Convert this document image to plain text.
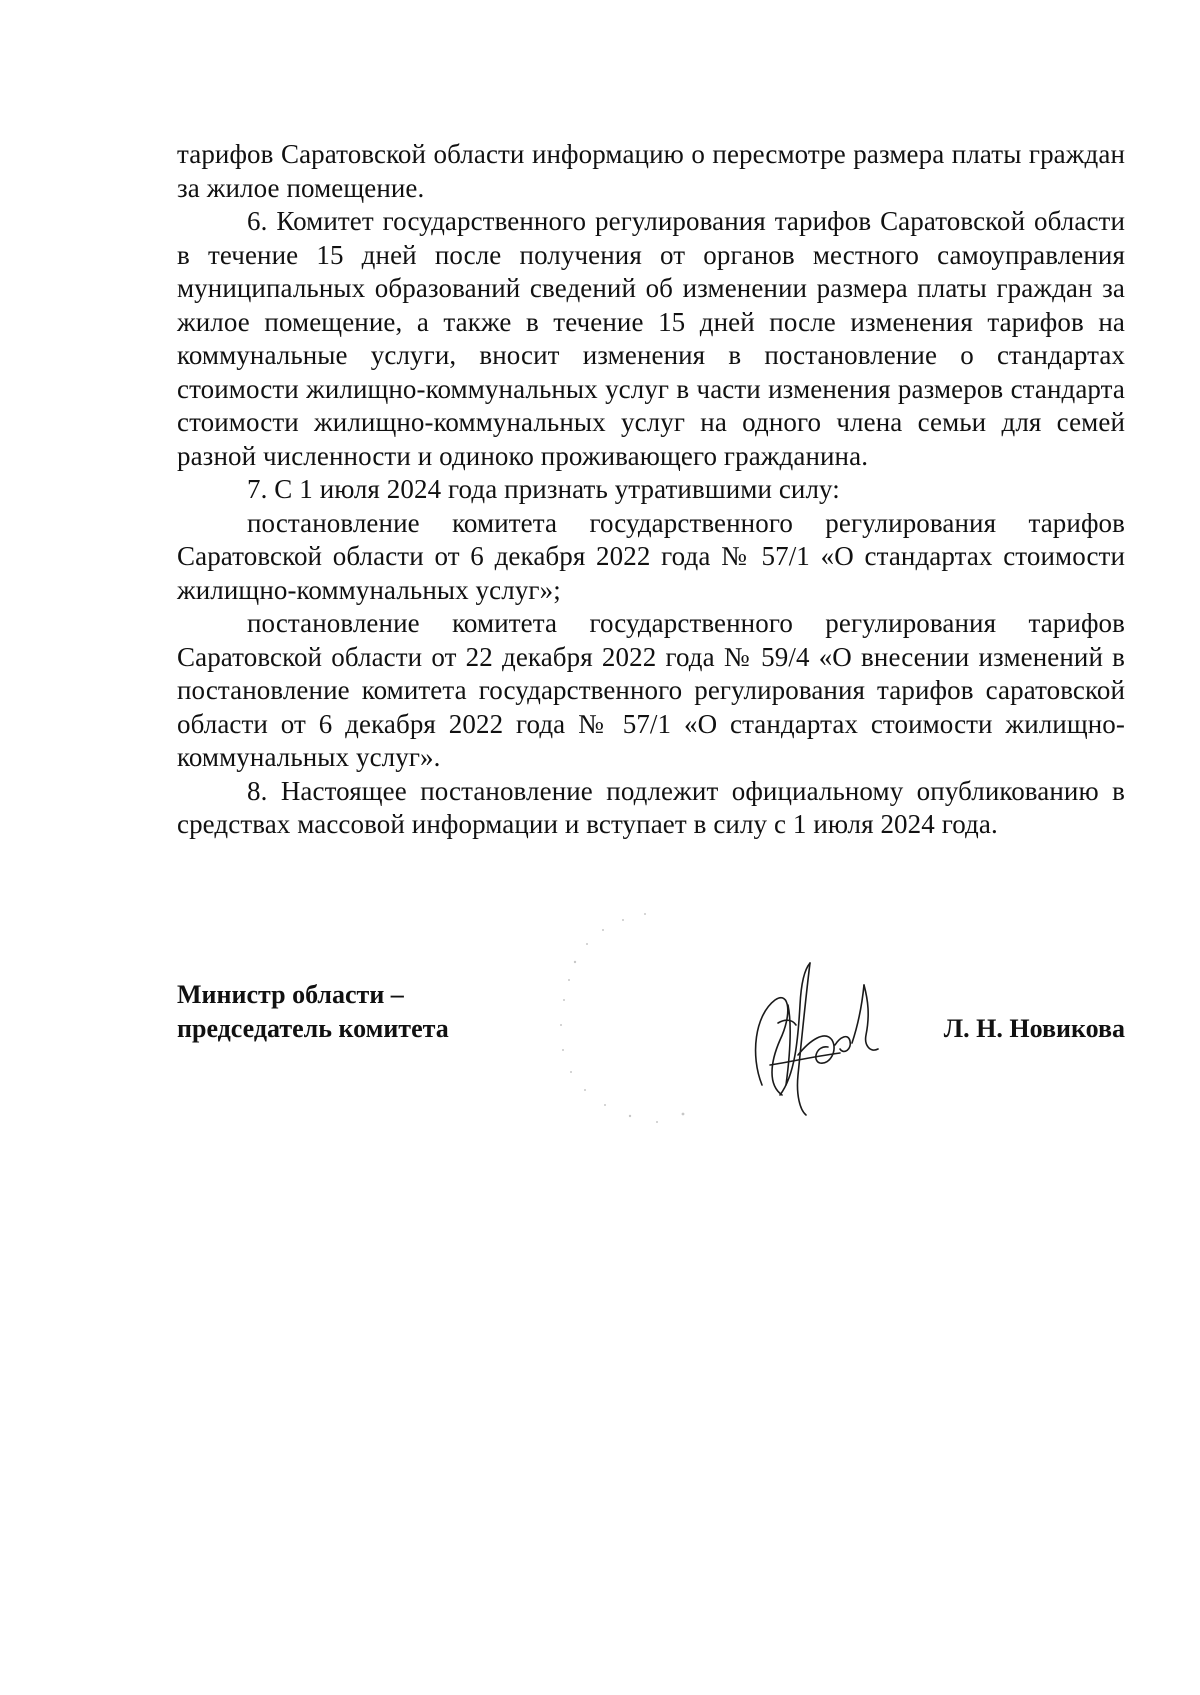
тарифов Саратовской области информацию о пересмотре размера платы граждан за жилое помещение.

6. Комитет государственного регулирования тарифов Саратовской области в течение 15 дней после получения от органов местного самоуправления муниципальных образований сведений об изменении размера платы граждан за жилое помещение, а также в течение 15 дней после изменения тарифов на коммунальные услуги, вносит изменения в постановление о стандартах стоимости жилищно-коммунальных услуг в части изменения размеров стандарта стоимости жилищно-коммунальных услуг на одного члена семьи для семей разной численности и одиноко проживающего гражданина.

7. С 1 июля 2024 года признать утратившими силу:

постановление комитета государственного регулирования тарифов Саратовской области от 6 декабря 2022 года № 57/1 «О стандартах стоимости жилищно-коммунальных услуг»;

постановление комитета государственного регулирования тарифов Саратовской области от 22 декабря 2022 года № 59/4 «О внесении изменений в постановление комитета государственного регулирования тарифов саратовской области от 6 декабря 2022 года № 57/1 «О стандартах стоимости жилищно-коммунальных услуг».

8. Настоящее постановление подлежит официальному опубликованию в средствах массовой информации и вступает в силу с 1 июля 2024 года.

Министр области –
председатель комитета	Л. Н. Новикова
